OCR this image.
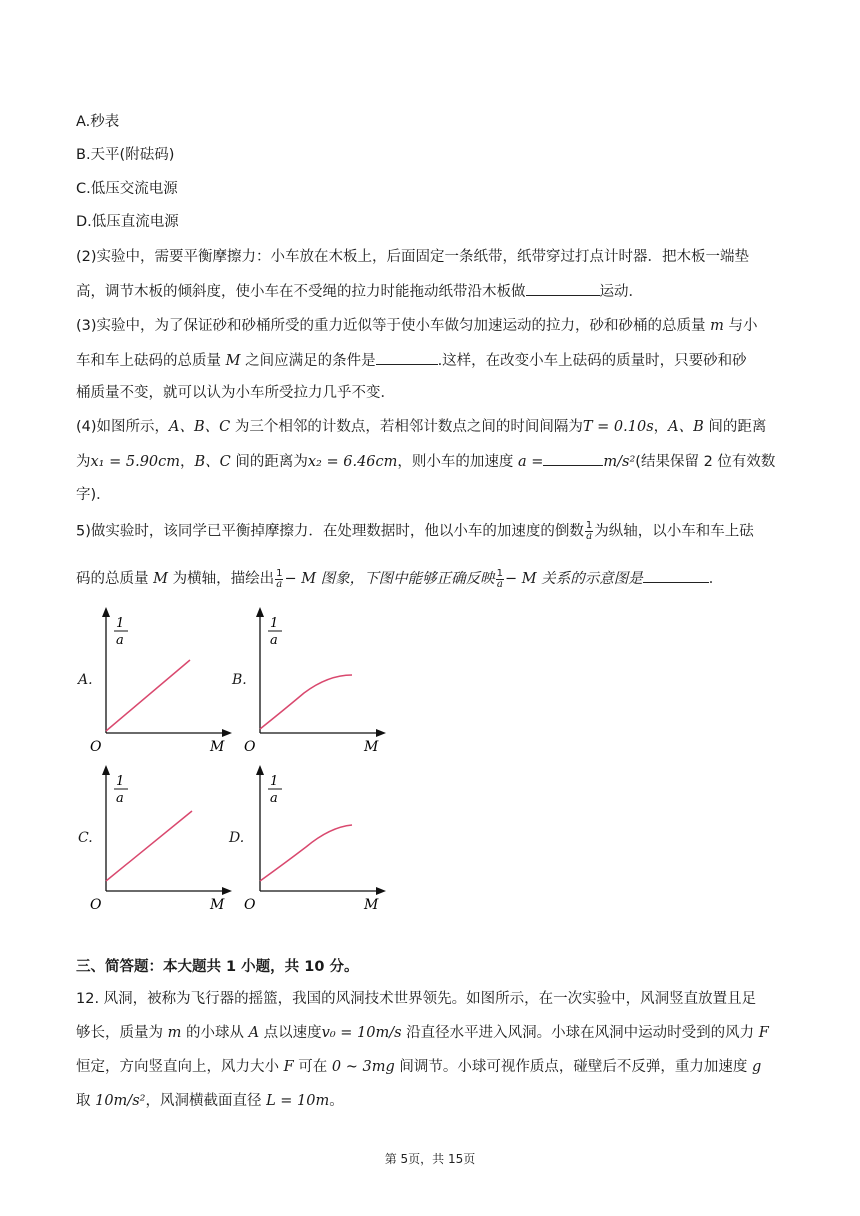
A.秒表
B.天平(附砝码)
C.低压交流电源
D.低压直流电源
(2)实验中，需要平衡摩擦力：小车放在木板上，后面固定一条纸带，纸带穿过打点计时器．把木板一端垫
高，调节木板的倾斜度，使小车在不受绳的拉力时能拖动纸带沿木板做	运动．
(3)实验中，为了保证砂和砂桶所受的重力近似等于使小车做匀加速运动的拉力，砂和砂桶的总质量 m 与小
车和车上砝码的总质量 M 之间应满足的条件是	.这样，在改变小车上砝码的质量时，只要砂和砂
桶质量不变，就可以认为小车所受拉力几乎不变．
(4)如图所示，A、B、C 为三个相邻的计数点，若相邻计数点之间的时间间隔为T = 0.10s，A、B 间的距离
为x₁ = 5.90cm，B、C 间的距离为x₂ = 6.46cm，则小车的加速度 a =	m/s²(结果保留 2 位有效数
字)．
5)做实验时，该同学已平衡掉摩擦力．在处理数据时，他以小车的加速度的倒数 $\frac{1}{a}$ 为纵轴，以小车和车上砝
码的总质量 M 为横轴，描绘出 $\frac{1}{a} - M$ 图象，下图中能够正确反映 $\frac{1}{a} - M$ 关系的示意图是	．
A.
1
a
O	M
B.
1
a
O	M
C.
1
a
O	M
D.
1
a
O	M
三、简答题：本大题共 1 小题，共 10 分。
12. 风洞，被称为飞行器的摇篮，我国的风洞技术世界领先。如图所示，在一次实验中，风洞竖直放置且足
够长，质量为 m 的小球从 A 点以速度v₀ = 10m/s 沿直径水平进入风洞。小球在风洞中运动时受到的风力 F
恒定，方向竖直向上，风力大小 F 可在 0 ~ 3mg 间调节。小球可视作质点，碰壁后不反弹，重力加速度 g
取 10m/s²，风洞横截面直径 L = 10m。
第 5页，共 15页
